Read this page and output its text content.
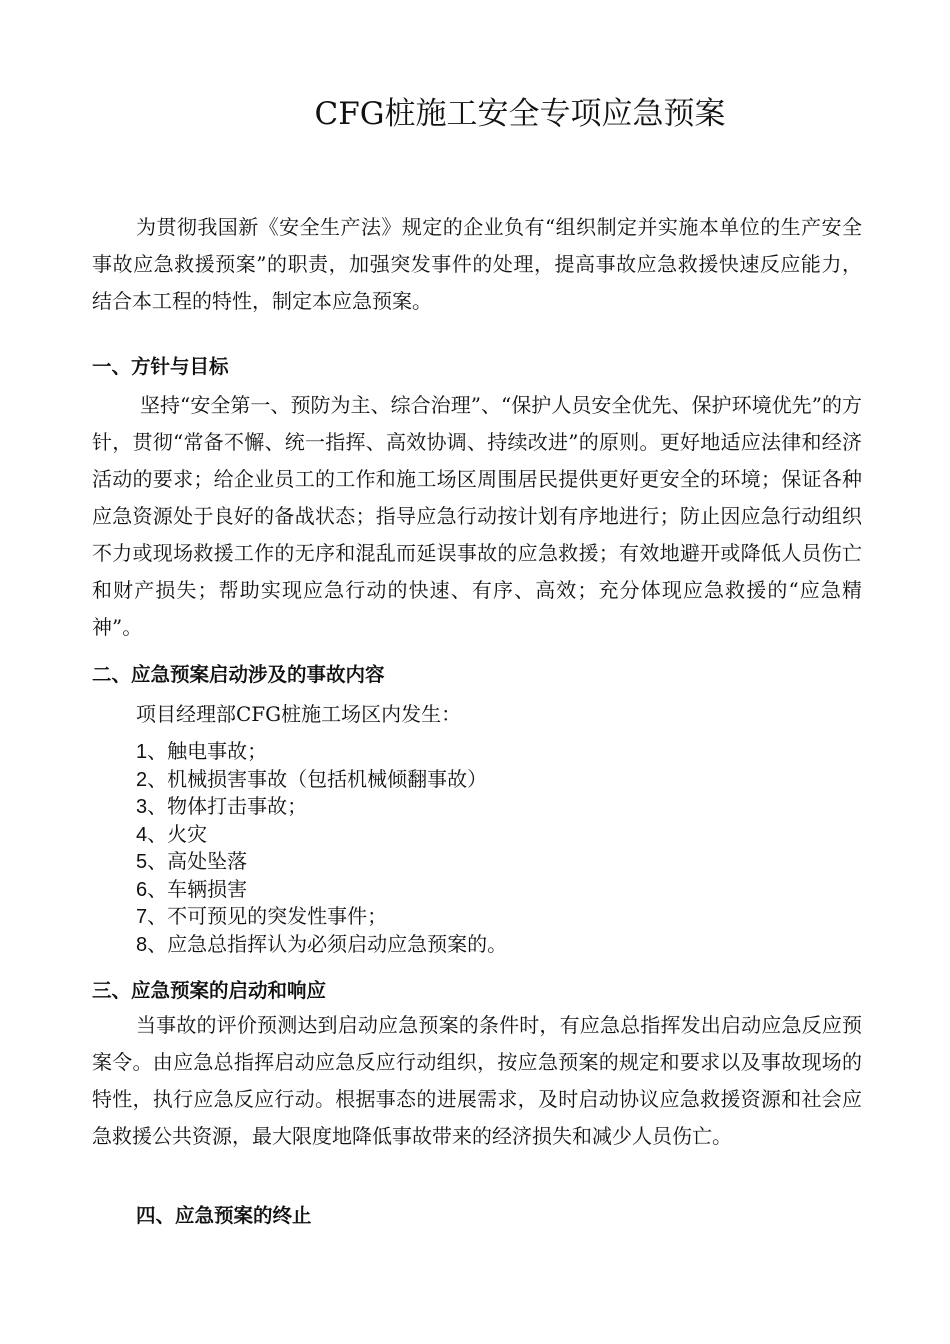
CFG桩施工安全专项应急预案

为贯彻我国新《安全生产法》规定的企业负有“组织制定并实施本单位的生产安全事故应急救援预案”的职责，加强突发事件的处理，提高事故应急救援快速反应能力，结合本工程的特性，制定本应急预案。

一、方针与目标

坚持“安全第一、预防为主、综合治理”、“保护人员安全优先、保护环境优先”的方针，贯彻“常备不懈、统一指挥、高效协调、持续改进”的原则。更好地适应法律和经济活动的要求；给企业员工的工作和施工场区周围居民提供更好更安全的环境；保证各种应急资源处于良好的备战状态；指导应急行动按计划有序地进行；防止因应急行动组织不力或现场救援工作的无序和混乱而延误事故的应急救援；有效地避开或降低人员伤亡和财产损失；帮助实现应急行动的快速、有序、高效；充分体现应急救援的“应急精神”。

二、应急预案启动涉及的事故内容

项目经理部CFG桩施工场区内发生：

1、触电事故；
2、机械损害事故（包括机械倾翻事故）
3、物体打击事故；
4、火灾
5、高处坠落
6、车辆损害
7、不可预见的突发性事件；
8、应急总指挥认为必须启动应急预案的。
三、应急预案的启动和响应

当事故的评价预测达到启动应急预案的条件时，有应急总指挥发出启动应急反应预案令。由应急总指挥启动应急反应行动组织，按应急预案的规定和要求以及事故现场的特性，执行应急反应行动。根据事态的进展需求，及时启动协议应急救援资源和社会应急救援公共资源，最大限度地降低事故带来的经济损失和减少人员伤亡。

四、应急预案的终止
